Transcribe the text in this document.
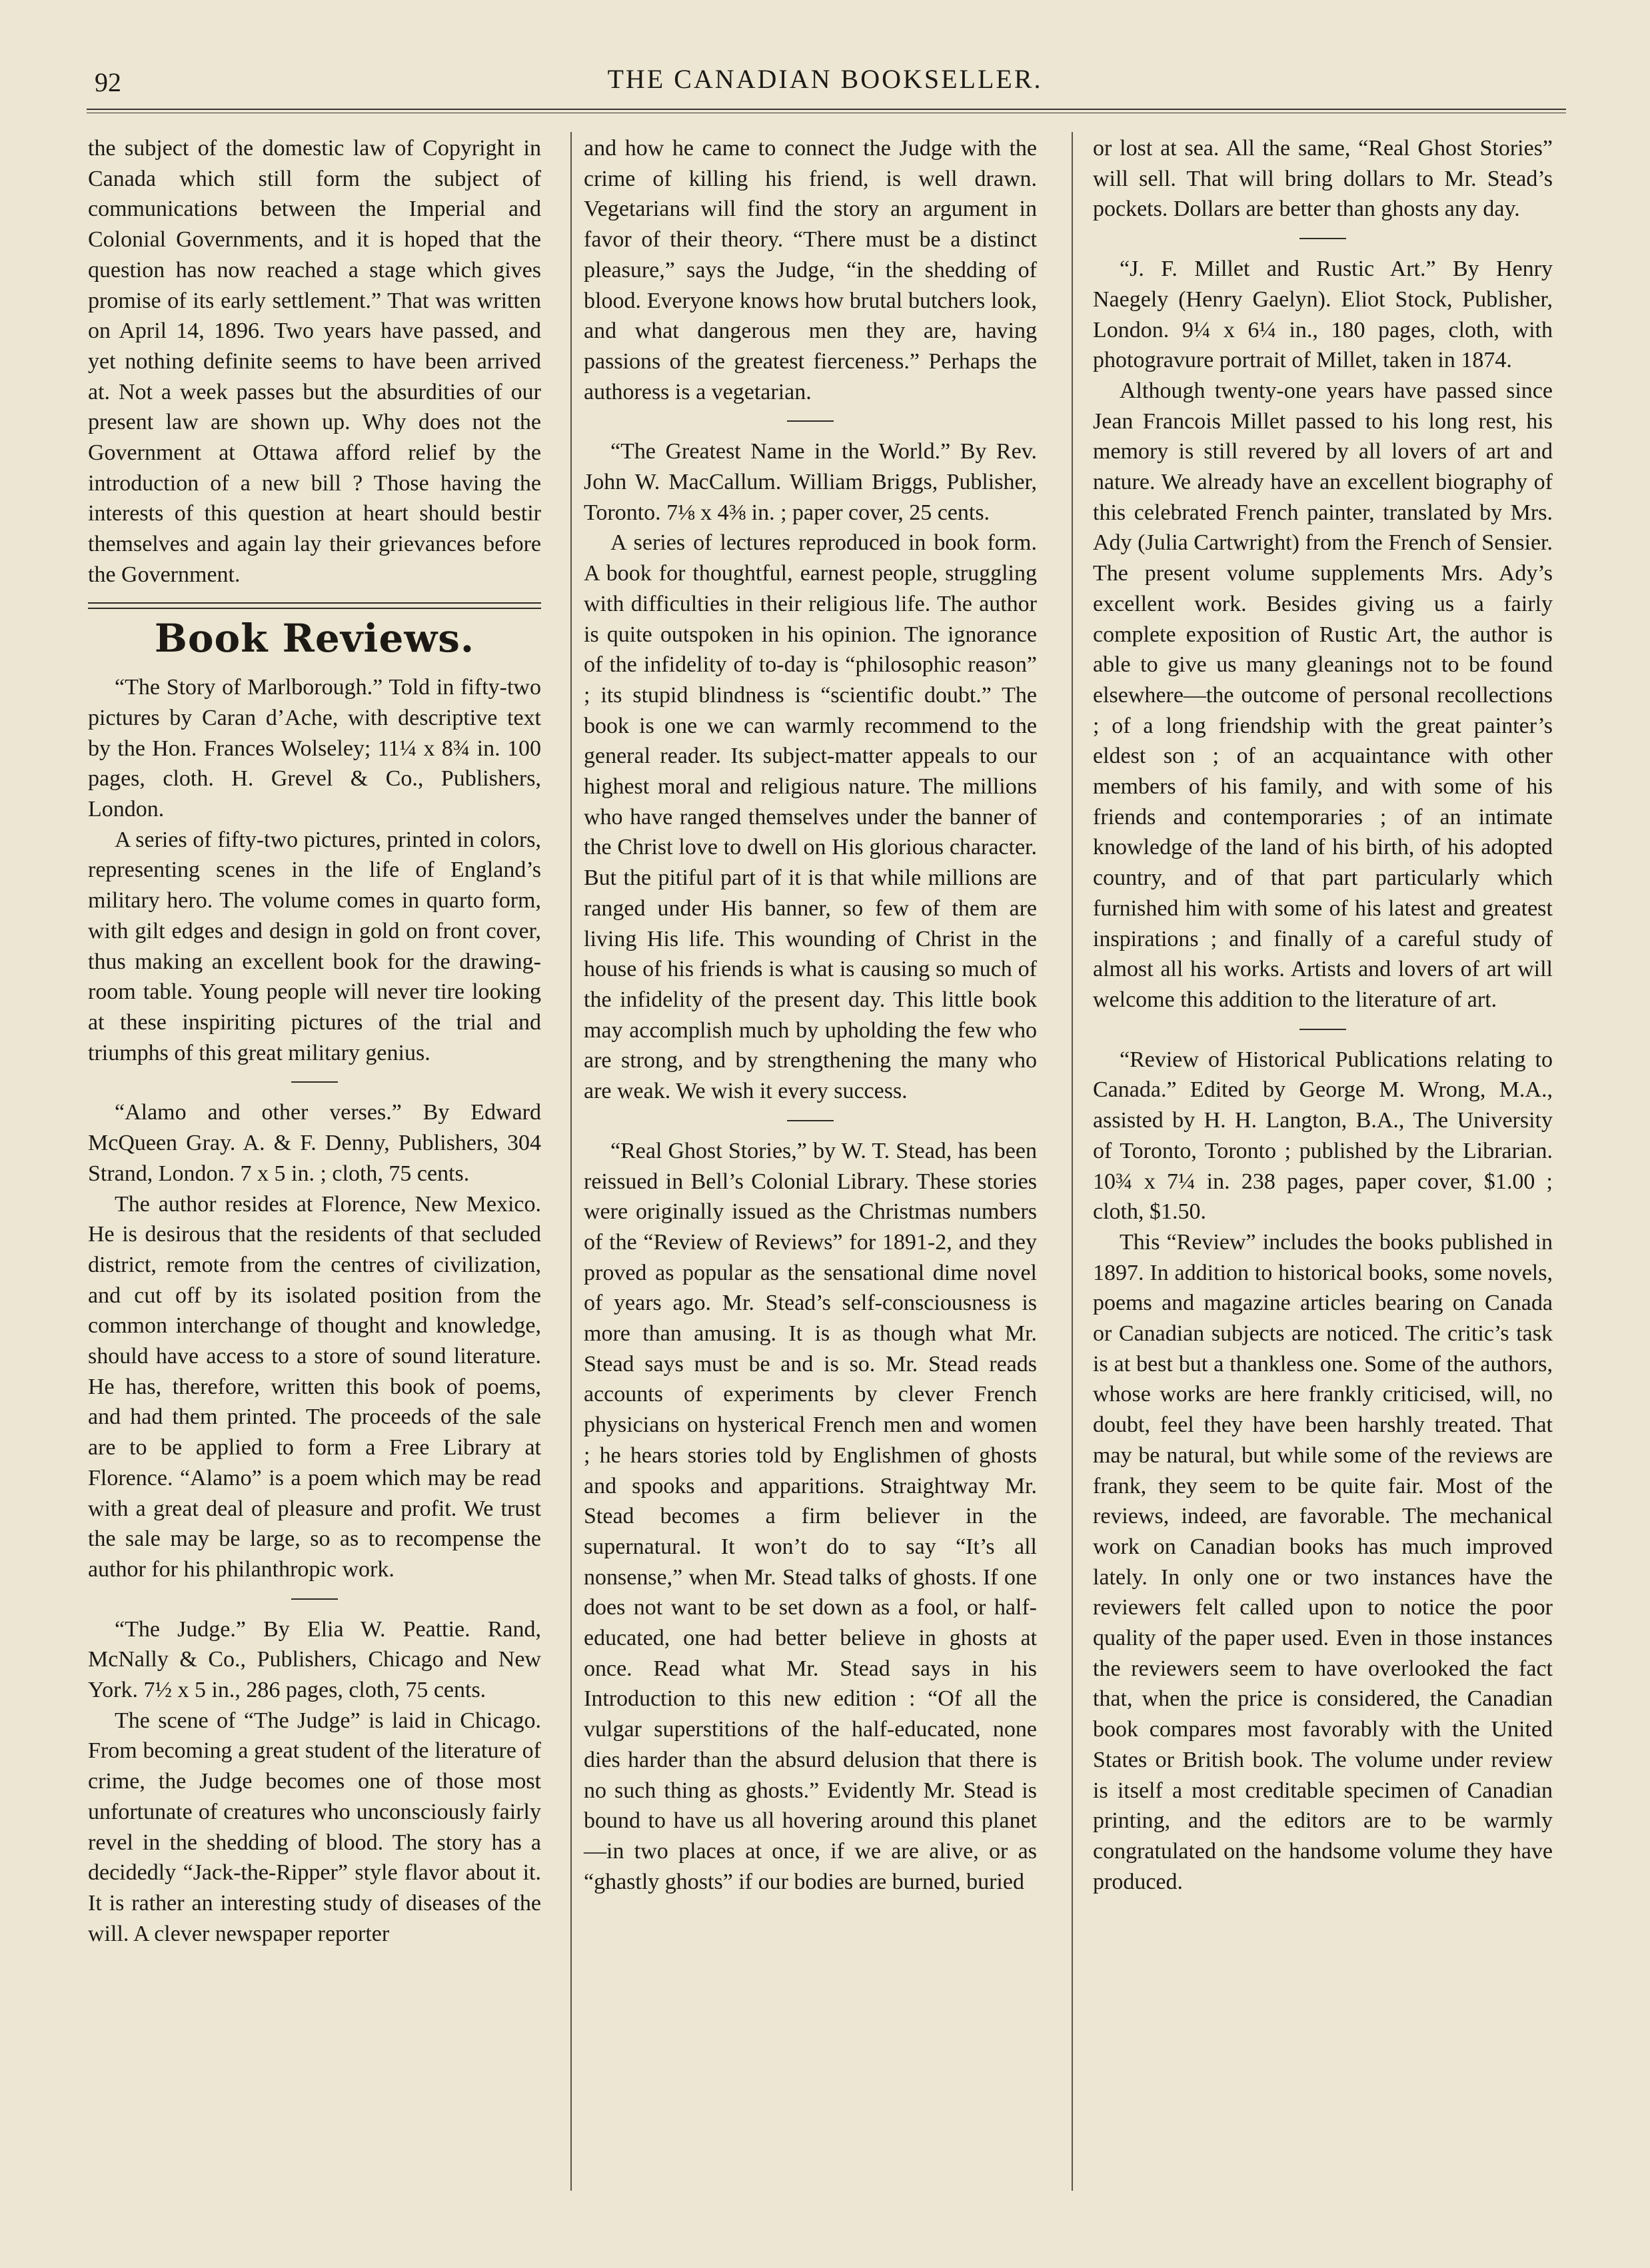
92	THE CANADIAN BOOKSELLER.

the subject of the domestic law of Copyright in Canada which still form the subject of communications between the Imperial and Colonial Governments, and it is hoped that the question has now reached a stage which gives promise of its early settlement.” That was written on April 14, 1896. Two years have passed, and yet nothing definite seems to have been arrived at. Not a week passes but the absurdities of our present law are shown up. Why does not the Government at Ottawa afford relief by the introduction of a new bill ? Those having the interests of this question at heart should bestir themselves and again lay their grievances before the Government.

Book Reviews.

“The Story of Marlborough.” Told in fifty-two pictures by Caran d’Ache, with descriptive text by the Hon. Frances Wolseley; 11¼ x 8¾ in. 100 pages, cloth. H. Grevel & Co., Publishers, London.

A series of fifty-two pictures, printed in colors, representing scenes in the life of England’s military hero. The volume comes in quarto form, with gilt edges and design in gold on front cover, thus making an excellent book for the drawing-room table. Young people will never tire looking at these inspiriting pictures of the trial and triumphs of this great military genius.

“Alamo and other verses.” By Edward McQueen Gray. A. & F. Denny, Publishers, 304 Strand, London. 7 x 5 in. ; cloth, 75 cents.

The author resides at Florence, New Mexico. He is desirous that the residents of that secluded district, remote from the centres of civilization, and cut off by its isolated position from the common interchange of thought and knowledge, should have access to a store of sound literature. He has, therefore, written this book of poems, and had them printed. The proceeds of the sale are to be applied to form a Free Library at Florence. “Alamo” is a poem which may be read with a great deal of pleasure and profit. We trust the sale may be large, so as to recompense the author for his philanthropic work.

“The Judge.” By Elia W. Peattie. Rand, McNally & Co., Publishers, Chicago and New York. 7½ x 5 in., 286 pages, cloth, 75 cents.

The scene of “The Judge” is laid in Chicago. From becoming a great student of the literature of crime, the Judge becomes one of those most unfortunate of creatures who unconsciously fairly revel in the shedding of blood. The story has a decidedly “Jack-the-Ripper” style flavor about it. It is rather an interesting study of diseases of the will. A clever newspaper reporter

and how he came to connect the Judge with the crime of killing his friend, is well drawn. Vegetarians will find the story an argument in favor of their theory. “There must be a distinct pleasure,” says the Judge, “in the shedding of blood. Everyone knows how brutal butchers look, and what dangerous men they are, having passions of the greatest fierceness.” Perhaps the authoress is a vegetarian.

“The Greatest Name in the World.” By Rev. John W. MacCallum. William Briggs, Publisher, Toronto. 7⅛ x 4⅜ in. ; paper cover, 25 cents.

A series of lectures reproduced in book form. A book for thoughtful, earnest people, struggling with difficulties in their religious life. The author is quite outspoken in his opinion. The ignorance of the infidelity of to-day is “philosophic reason” ; its stupid blindness is “scientific doubt.” The book is one we can warmly recommend to the general reader. Its subject-matter appeals to our highest moral and religious nature. The millions who have ranged themselves under the banner of the Christ love to dwell on His glorious character. But the pitiful part of it is that while millions are ranged under His banner, so few of them are living His life. This wounding of Christ in the house of his friends is what is causing so much of the infidelity of the present day. This little book may accomplish much by upholding the few who are strong, and by strengthening the many who are weak. We wish it every success.

“Real Ghost Stories,” by W. T. Stead, has been reissued in Bell’s Colonial Library. These stories were originally issued as the Christmas numbers of the “Review of Reviews” for 1891-2, and they proved as popular as the sensational dime novel of years ago. Mr. Stead’s self-consciousness is more than amusing. It is as though what Mr. Stead says must be and is so. Mr. Stead reads accounts of experiments by clever French physicians on hysterical French men and women ; he hears stories told by Englishmen of ghosts and spooks and apparitions. Straightway Mr. Stead becomes a firm believer in the supernatural. It won’t do to say “It’s all nonsense,” when Mr. Stead talks of ghosts. If one does not want to be set down as a fool, or half-educated, one had better believe in ghosts at once. Read what Mr. Stead says in his Introduction to this new edition : “Of all the vulgar superstitions of the half-educated, none dies harder than the absurd delusion that there is no such thing as ghosts.” Evidently Mr. Stead is bound to have us all hovering around this planet—in two places at once, if we are alive, or as “ghastly ghosts” if our bodies are burned, buried

or lost at sea. All the same, “Real Ghost Stories” will sell. That will bring dollars to Mr. Stead’s pockets. Dollars are better than ghosts any day.

“J. F. Millet and Rustic Art.” By Henry Naegely (Henry Gaelyn). Eliot Stock, Publisher, London. 9¼ x 6¼ in., 180 pages, cloth, with photogravure portrait of Millet, taken in 1874.

Although twenty-one years have passed since Jean Francois Millet passed to his long rest, his memory is still revered by all lovers of art and nature. We already have an excellent biography of this celebrated French painter, translated by Mrs. Ady (Julia Cartwright) from the French of Sensier. The present volume supplements Mrs. Ady’s excellent work. Besides giving us a fairly complete exposition of Rustic Art, the author is able to give us many gleanings not to be found elsewhere—the outcome of personal recollections ; of a long friendship with the great painter’s eldest son ; of an acquaintance with other members of his family, and with some of his friends and contemporaries ; of an intimate knowledge of the land of his birth, of his adopted country, and of that part particularly which furnished him with some of his latest and greatest inspirations ; and finally of a careful study of almost all his works. Artists and lovers of art will welcome this addition to the literature of art.

“Review of Historical Publications relating to Canada.” Edited by George M. Wrong, M.A., assisted by H. H. Langton, B.A., The University of Toronto, Toronto ; published by the Librarian. 10¾ x 7¼ in. 238 pages, paper cover, $1.00 ; cloth, $1.50.

This “Review” includes the books published in 1897. In addition to historical books, some novels, poems and magazine articles bearing on Canada or Canadian subjects are noticed. The critic’s task is at best but a thankless one. Some of the authors, whose works are here frankly criticised, will, no doubt, feel they have been harshly treated. That may be natural, but while some of the reviews are frank, they seem to be quite fair. Most of the reviews, indeed, are favorable. The mechanical work on Canadian books has much improved lately. In only one or two instances have the reviewers felt called upon to notice the poor quality of the paper used. Even in those instances the reviewers seem to have overlooked the fact that, when the price is considered, the Canadian book compares most favorably with the United States or British book. The volume under review is itself a most creditable specimen of Canadian printing, and the editors are to be warmly congratulated on the handsome volume they have produced.
